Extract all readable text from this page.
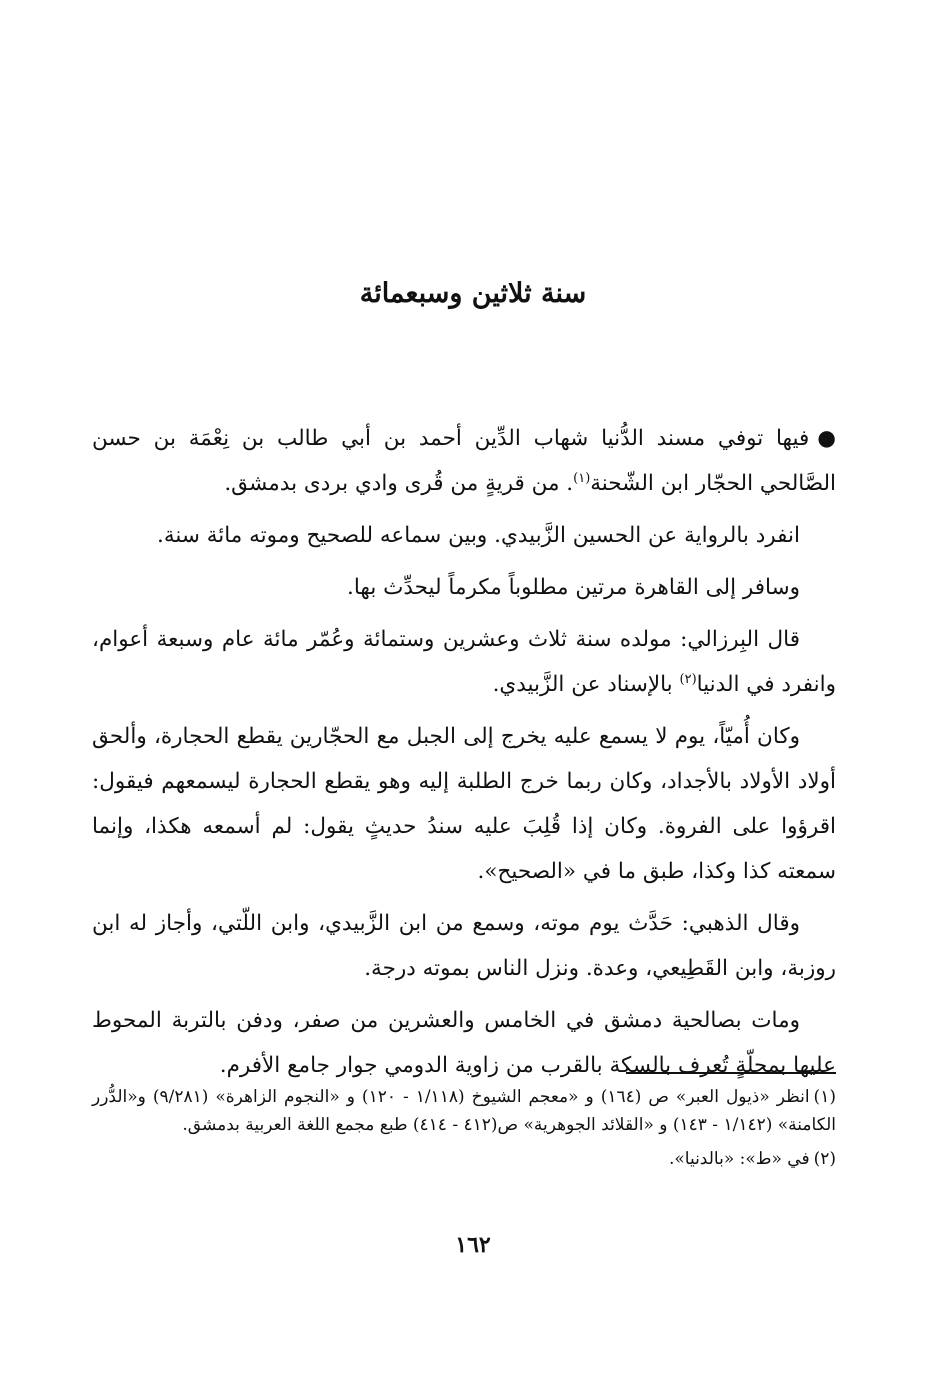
سنة ثلاثين وسبعمائة

●فيها توفي مسند الدُّنيا شهاب الدِّين أحمد بن أبي طالب بن نِعْمَة بن حسن الصَّالحي الحجّار ابن الشّحنة$^{(١)}$. من قريةٍ من قُرى وادي بردى بدمشق.

انفرد بالرواية عن الحسين الزَّبيدي. وبين سماعه للصحيح وموته مائة سنة.

وسافر إلى القاهرة مرتين مطلوباً مكرماً ليحدِّث بها.

قال البِرزالي: مولده سنة ثلاث وعشرين وستمائة وعُمّر مائة عام وسبعة أعوام، وانفرد في الدنيا$^{(٢)}$ بالإسناد عن الزَّبيدي.

وكان أُميّاً، يوم لا يسمع عليه يخرج إلى الجبل مع الحجّارين يقطع الحجارة، وألحق أولاد الأولاد بالأجداد، وكان ربما خرج الطلبة إليه وهو يقطع الحجارة ليسمعهم فيقول: اقرؤوا على الفروة. وكان إذا قُلِبَ عليه سندُ حديثٍ يقول: لم أسمعه هكذا، وإنما سمعته كذا وكذا، طبق ما في «الصحيح».

وقال الذهبي: حَدَّث يوم موته، وسمع من ابن الزَّبيدي، وابن اللّتي، وأجاز له ابن روزبة، وابن القَطِيعي، وعدة. ونزل الناس بموته درجة.

ومات بصالحية دمشق في الخامس والعشرين من صفر، ودفن بالتربة المحوط عليها بمحلّةٍ تُعرف بالسكة بالقرب من زاوية الدومي جوار جامع الأفرم.

(١)انظر «ذيول العبر» ص (١٦٤) و «معجم الشيوخ (١/١١٨ - ١٢٠) و «النجوم الزاهرة» (٩/٢٨١) و«الدُّرر الكامنة» (١/١٤٢ - ١٤٣) و «القلائد الجوهرية» ص(٤١٢ - ٤١٤) طبع مجمع اللغة العربية بدمشق.

(٢)في «ط»: «بالدنيا».

١٦٢
